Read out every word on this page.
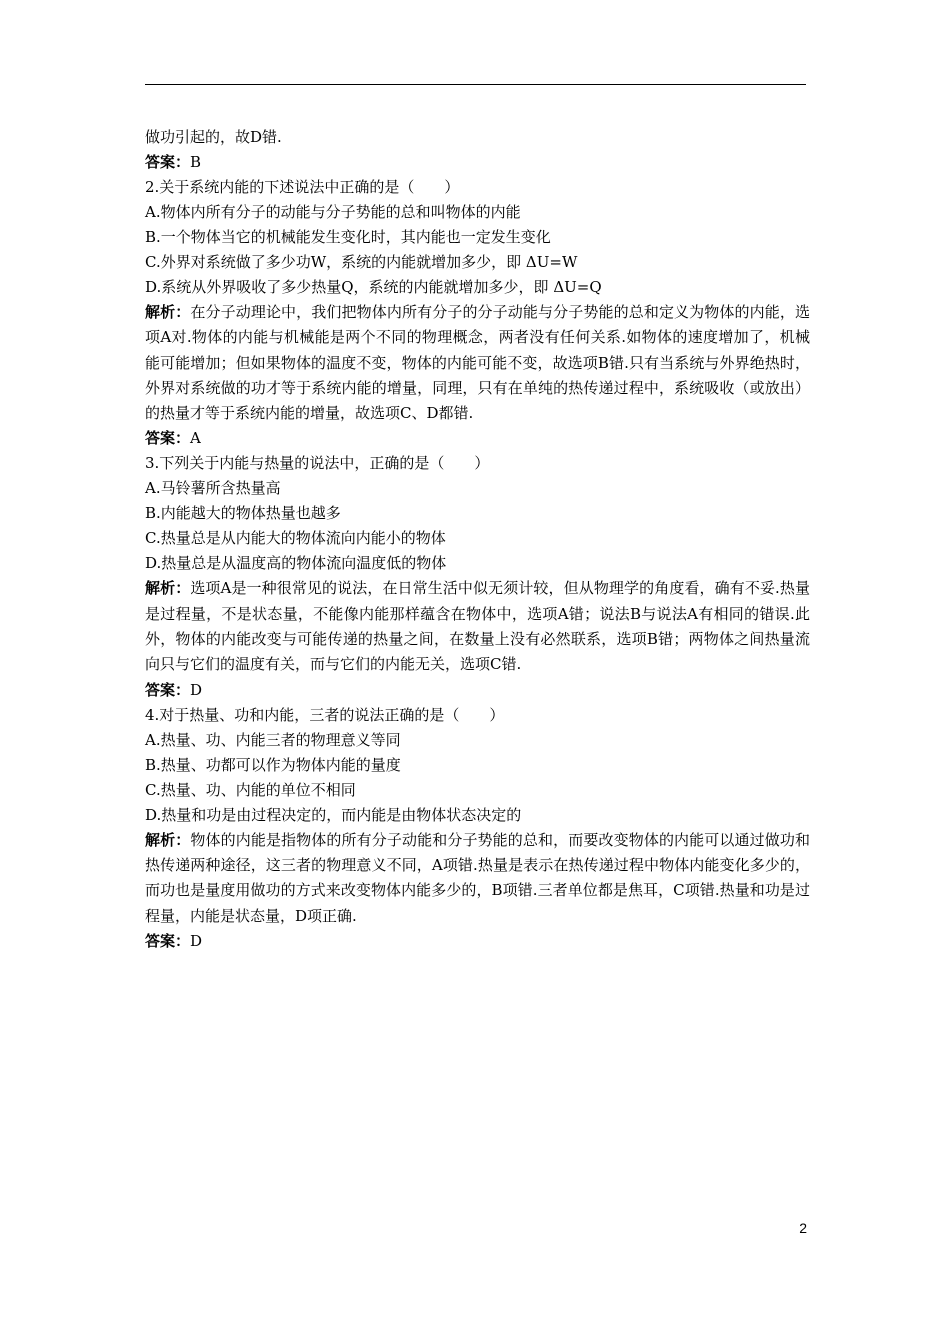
做功引起的，故D错.

答案：B

2.关于系统内能的下述说法中正确的是（　　）

A.物体内所有分子的动能与分子势能的总和叫物体的内能

B.一个物体当它的机械能发生变化时，其内能也一定发生变化

C.外界对系统做了多少功W，系统的内能就增加多少，即 ΔU=W

D.系统从外界吸收了多少热量Q，系统的内能就增加多少，即 ΔU=Q

解析：在分子动理论中，我们把物体内所有分子的分子动能与分子势能的总和定义为物体的内能，选项A对.物体的内能与机械能是两个不同的物理概念，两者没有任何关系.如物体的速度增加了，机械能可能增加；但如果物体的温度不变，物体的内能可能不变，故选项B错.只有当系统与外界绝热时，外界对系统做的功才等于系统内能的增量，同理，只有在单纯的热传递过程中，系统吸收（或放出）的热量才等于系统内能的增量，故选项C、D都错.

答案：A

3.下列关于内能与热量的说法中，正确的是（　　）

A.马铃薯所含热量高

B.内能越大的物体热量也越多

C.热量总是从内能大的物体流向内能小的物体

D.热量总是从温度高的物体流向温度低的物体

解析：选项A是一种很常见的说法，在日常生活中似无须计较，但从物理学的角度看，确有不妥.热量是过程量，不是状态量，不能像内能那样蕴含在物体中，选项A错；说法B与说法A有相同的错误.此外，物体的内能改变与可能传递的热量之间，在数量上没有必然联系，选项B错；两物体之间热量流向只与它们的温度有关，而与它们的内能无关，选项C错.

答案：D

4.对于热量、功和内能，三者的说法正确的是（　　）

A.热量、功、内能三者的物理意义等同

B.热量、功都可以作为物体内能的量度

C.热量、功、内能的单位不相同

D.热量和功是由过程决定的，而内能是由物体状态决定的

解析：物体的内能是指物体的所有分子动能和分子势能的总和，而要改变物体的内能可以通过做功和热传递两种途径，这三者的物理意义不同，A项错.热量是表示在热传递过程中物体内能变化多少的，而功也是量度用做功的方式来改变物体内能多少的，B项错.三者单位都是焦耳，C项错.热量和功是过程量，内能是状态量，D项正确.

答案：D

2
